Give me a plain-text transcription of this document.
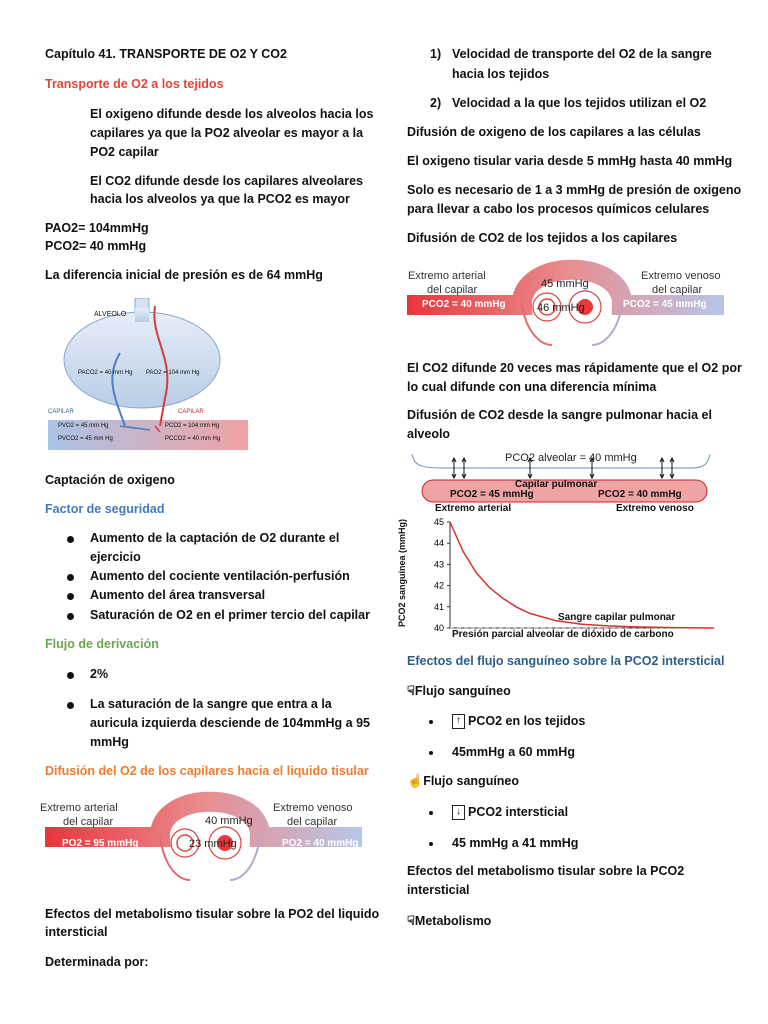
Capítulo 41. TRANSPORTE DE O2 Y CO2
Transporte de O2 a los tejidos
El oxigeno difunde desde los alveolos hacia los
capilares ya que la PO2 alveolar es mayor a la
PO2 capilar
El CO2 difunde desde los capilares alveolares
hacia los alveolos ya que la PCO2 es mayor
PAO2= 104mmHg
PCO2= 40 mmHg
La diferencia inicial de presión es de 64 mmHg
ALVEOLO
PACO2 = 40 mm Hg PAO2 = 104 mm Hg
CAPILAR	CAPILAR
PVO2 = 45 mm Hg
PVCO2 = 45 mm Hg
PCO2 = 104 mm Hg
PCCO2 = 40 mm Hg
Captación de oxigeno
Factor de seguridad
Aumento de la captación de O2 durante el
ejercicio
Aumento del cociente ventilación-perfusión
Aumento del área transversal
Saturación de O2 en el primer tercio del capilar
Flujo de derivación
2%
La saturación de la sangre que entra a la
auricula izquierda desciende de 104mmHg a 95
mmHg
Difusión del O2 de los capilares hacia el liquido tisular
Extremo arterial
del capilar
Extremo venoso
del capilar
40 mmHg
23 mmHg
PO2 = 95 mmHg	PO2 = 40 mmHg
Efectos del metabolismo tisular sobre la PO2 del liquido
intersticial
Determinada por:
1) Velocidad de transporte del O2 de la sangre
hacia los tejidos
2) Velocidad a la que los tejidos utilizan el O2
Difusión de oxigeno de los capilares a las células
El oxigeno tisular varia desde 5 mmHg hasta 40 mmHg
Solo es necesario de 1 a 3 mmHg de presión de oxigeno
para llevar a cabo los procesos químicos celulares
Difusión de CO2 de los tejidos a los capilares
Extremo arterial
del capilar
Extremo venoso
del capilar
45 mmHg
46 mmHg
PCO2 = 40 mmHg	PCO2 = 45 mmHg
El CO2 difunde 20 veces mas rápidamente que el O2 por
lo cual difunde con una diferencia mínima
Difusión de CO2 desde la sangre pulmonar hacia el
alveolo
45
44
43
42
41
40
PCO2 alveolar = 40 mmHg
Capilar pulmonar
PCO2 = 45 mmHg	PCO2 = 40 mmHg
Extremo arterial	Extremo venoso
PCO2 sanguínea (mmHg)	Sangre capilar pulmonar
Presión parcial alveolar de dióxido de carbono
Efectos del flujo sanguíneo sobre la PCO2 intersticial
☟Flujo sanguíneo
↑ PCO2 en los tejidos
45mmHg a 60 mmHg
☝Flujo sanguíneo
↓ PCO2 intersticial
45 mmHg a 41 mmHg
Efectos del metabolismo tisular sobre la PCO2
intersticial
☟Metabolismo
